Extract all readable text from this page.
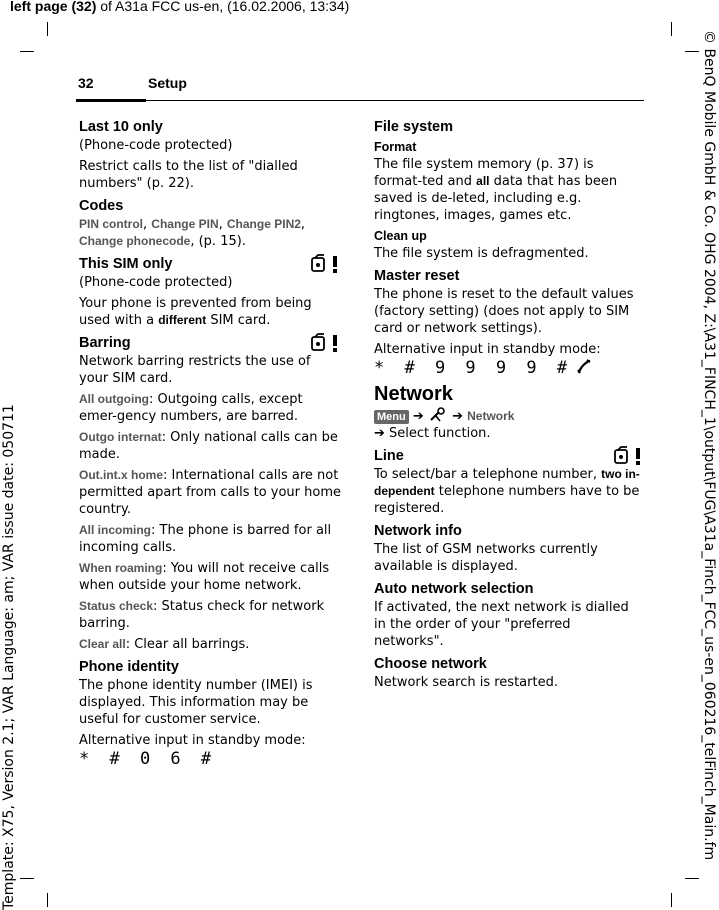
left page (32) of A31a FCC us-en, (16.02.2006, 13:34)
Template: X75, Version 2.1; VAR Language: am; VAR issue date: 050711	© BenQ Mobile GmbH & Co. OHG 2004, Z:\A31_FINCH_1\output\FUG\A31a_Finch_FCC_us-en_060216_telFinch_Main.fm
32	Setup
Last 10 only

(Phone-code protected)

Restrict calls to the list of "dialled numbers" (p. 22).

Codes

PIN control, Change PIN, Change PIN2, Change phonecode, (p. 15).

This SIM only

(Phone-code protected)

Your phone is prevented from being used with a different SIM card.

Barring

Network barring restricts the use of your SIM card.

All outgoing: Outgoing calls, except emer-gency numbers, are barred.

Outgo internat: Only national calls can be made.

Out.int.x home: International calls are not permitted apart from calls to your home country.

All incoming: The phone is barred for all incoming calls.

When roaming: You will not receive calls when outside your home network.

Status check: Status check for network barring.

Clear all: Clear all barrings.

Phone identity

The phone identity number (IMEI) is displayed. This information may be useful for customer service.

Alternative input in standby mode:

* # 0 6 #
File system
Format

The file system memory (p. 37) is format-ted and all data that has been saved is de-leted, including e.g. ringtones, images, games etc.

Clean up

The file system is defragmented.

Master reset

The phone is reset to the default values (factory setting) (does not apply to SIM card or network settings).

Alternative input in standby mode:

* # 9 9 9 9 #
Network
Menu ➔ ➔ Network

➔ Select function.

Line

To select/bar a telephone number, two in-dependent telephone numbers have to be registered.

Network info

The list of GSM networks currently available is displayed.

Auto network selection

If activated, the next network is dialled in the order of your "preferred networks".

Choose network

Network search is restarted.
